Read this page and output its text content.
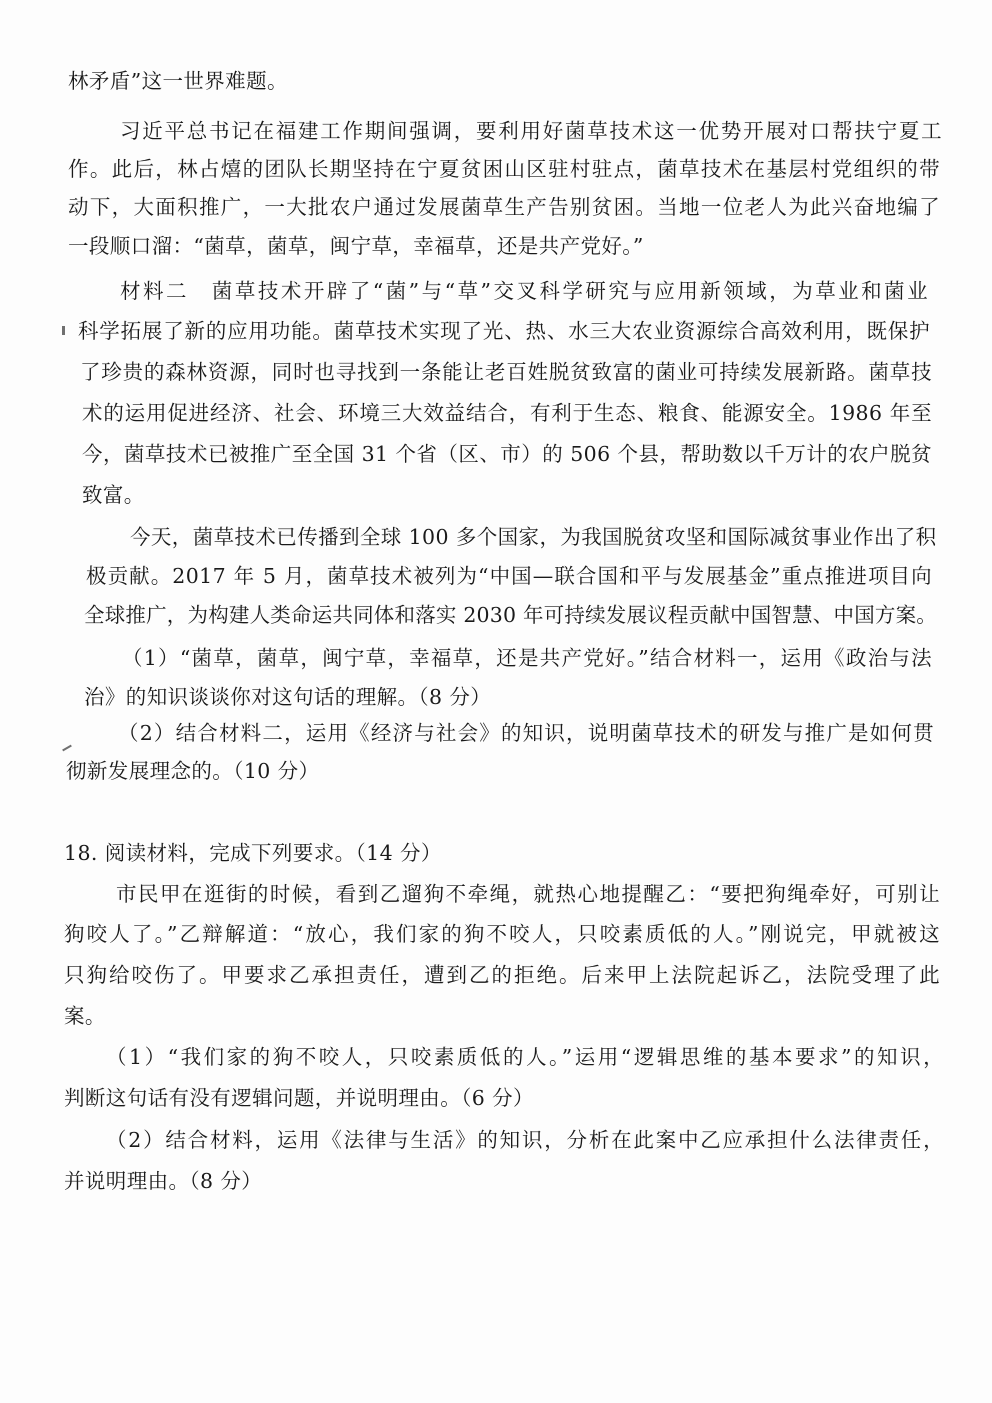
林矛盾”这一世界难题。
习近平总书记在福建工作期间强调，要利用好菌草技术这一优势开展对口帮扶宁夏工
作。此后，林占熺的团队长期坚持在宁夏贫困山区驻村驻点，菌草技术在基层村党组织的带
动下，大面积推广，一大批农户通过发展菌草生产告别贫困。当地一位老人为此兴奋地编了
一段顺口溜：“菌草，菌草，闽宁草，幸福草，还是共产党好。”
材料二　菌草技术开辟了“菌”与“草”交叉科学研究与应用新领域，为草业和菌业
科学拓展了新的应用功能。菌草技术实现了光、热、水三大农业资源综合高效利用，既保护
了珍贵的森林资源，同时也寻找到一条能让老百姓脱贫致富的菌业可持续发展新路。菌草技
术的运用促进经济、社会、环境三大效益结合，有利于生态、粮食、能源安全。1986 年至
今，菌草技术已被推广至全国 31 个省（区、市）的 506 个县，帮助数以千万计的农户脱贫
致富。
今天，菌草技术已传播到全球 100 多个国家，为我国脱贫攻坚和国际减贫事业作出了积
极贡献。2017 年 5 月，菌草技术被列为“中国—联合国和平与发展基金”重点推进项目向
全球推广，为构建人类命运共同体和落实 2030 年可持续发展议程贡献中国智慧、中国方案。
（1）“菌草，菌草，闽宁草，幸福草，还是共产党好。”结合材料一，运用《政治与法
治》的知识谈谈你对这句话的理解。（8 分）
（2）结合材料二，运用《经济与社会》的知识，说明菌草技术的研发与推广是如何贯
彻新发展理念的。（10 分）
18. 阅读材料，完成下列要求。（14 分）
市民甲在逛街的时候，看到乙遛狗不牵绳，就热心地提醒乙：“要把狗绳牵好，可别让
狗咬人了。”乙辩解道：“放心，我们家的狗不咬人，只咬素质低的人。”刚说完，甲就被这
只狗给咬伤了。甲要求乙承担责任，遭到乙的拒绝。后来甲上法院起诉乙，法院受理了此
案。
（1）“我们家的狗不咬人，只咬素质低的人。”运用“逻辑思维的基本要求”的知识，
判断这句话有没有逻辑问题，并说明理由。（6 分）
（2）结合材料，运用《法律与生活》的知识，分析在此案中乙应承担什么法律责任，
并说明理由。（8 分）
